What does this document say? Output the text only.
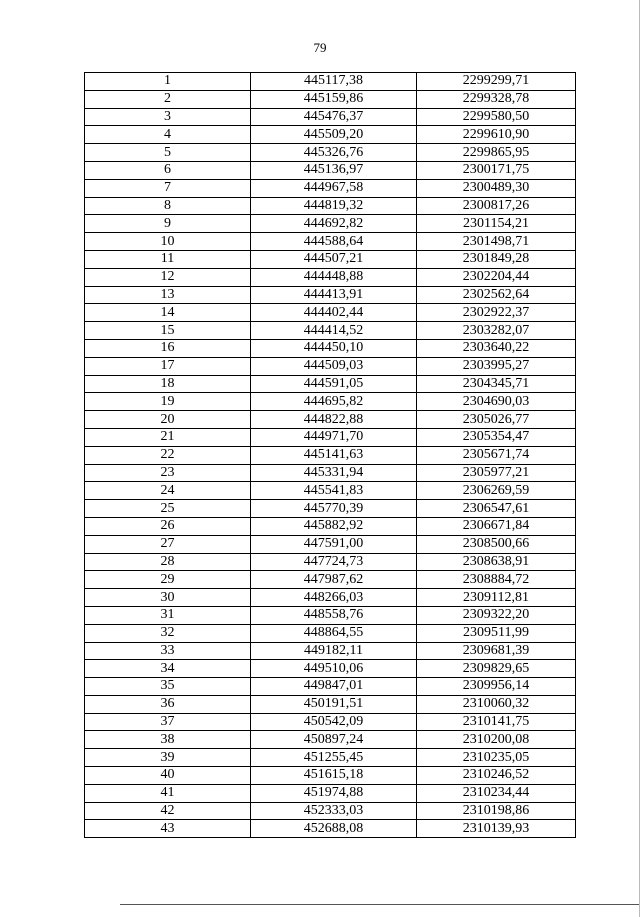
79
1	445117,38	2299299,71
2	445159,86	2299328,78
3	445476,37	2299580,50
4	445509,20	2299610,90
5	445326,76	2299865,95
6	445136,97	2300171,75
7	444967,58	2300489,30
8	444819,32	2300817,26
9	444692,82	2301154,21
10	444588,64	2301498,71
11	444507,21	2301849,28
12	444448,88	2302204,44
13	444413,91	2302562,64
14	444402,44	2302922,37
15	444414,52	2303282,07
16	444450,10	2303640,22
17	444509,03	2303995,27
18	444591,05	2304345,71
19	444695,82	2304690,03
20	444822,88	2305026,77
21	444971,70	2305354,47
22	445141,63	2305671,74
23	445331,94	2305977,21
24	445541,83	2306269,59
25	445770,39	2306547,61
26	445882,92	2306671,84
27	447591,00	2308500,66
28	447724,73	2308638,91
29	447987,62	2308884,72
30	448266,03	2309112,81
31	448558,76	2309322,20
32	448864,55	2309511,99
33	449182,11	2309681,39
34	449510,06	2309829,65
35	449847,01	2309956,14
36	450191,51	2310060,32
37	450542,09	2310141,75
38	450897,24	2310200,08
39	451255,45	2310235,05
40	451615,18	2310246,52
41	451974,88	2310234,44
42	452333,03	2310198,86
43	452688,08	2310139,93
